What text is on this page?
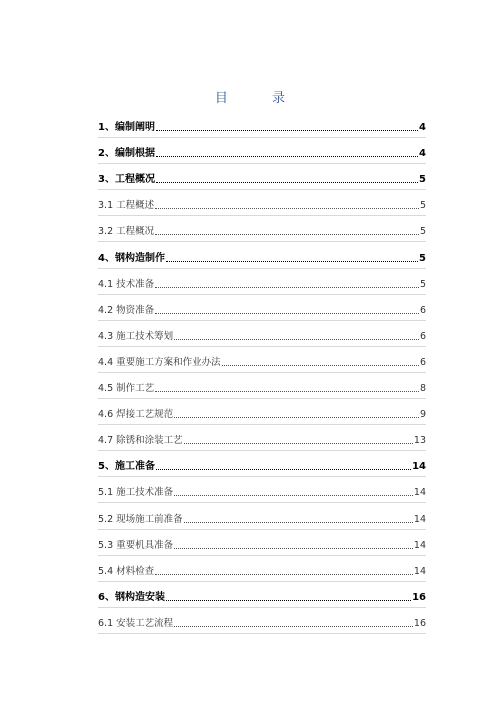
目 录
1、编制阐明	4
2、编制根据	4
3、工程概况	5
3.1 工程概述	5
3.2 工程概况	5
4、钢构造制作	5
4.1 技术准备	5
4.2 物资准备	6
4.3 施工技术筹划	6
4.4 重要施工方案和作业办法	6
4.5 制作工艺	8
4.6 焊接工艺规范	9
4.7 除锈和涂装工艺	13
5、施工准备	14
5.1 施工技术准备	14
5.2 现场施工前准备	14
5.3 重要机具准备	14
5.4 材料检查	14
6、钢构造安装	16
6.1 安装工艺流程	16
